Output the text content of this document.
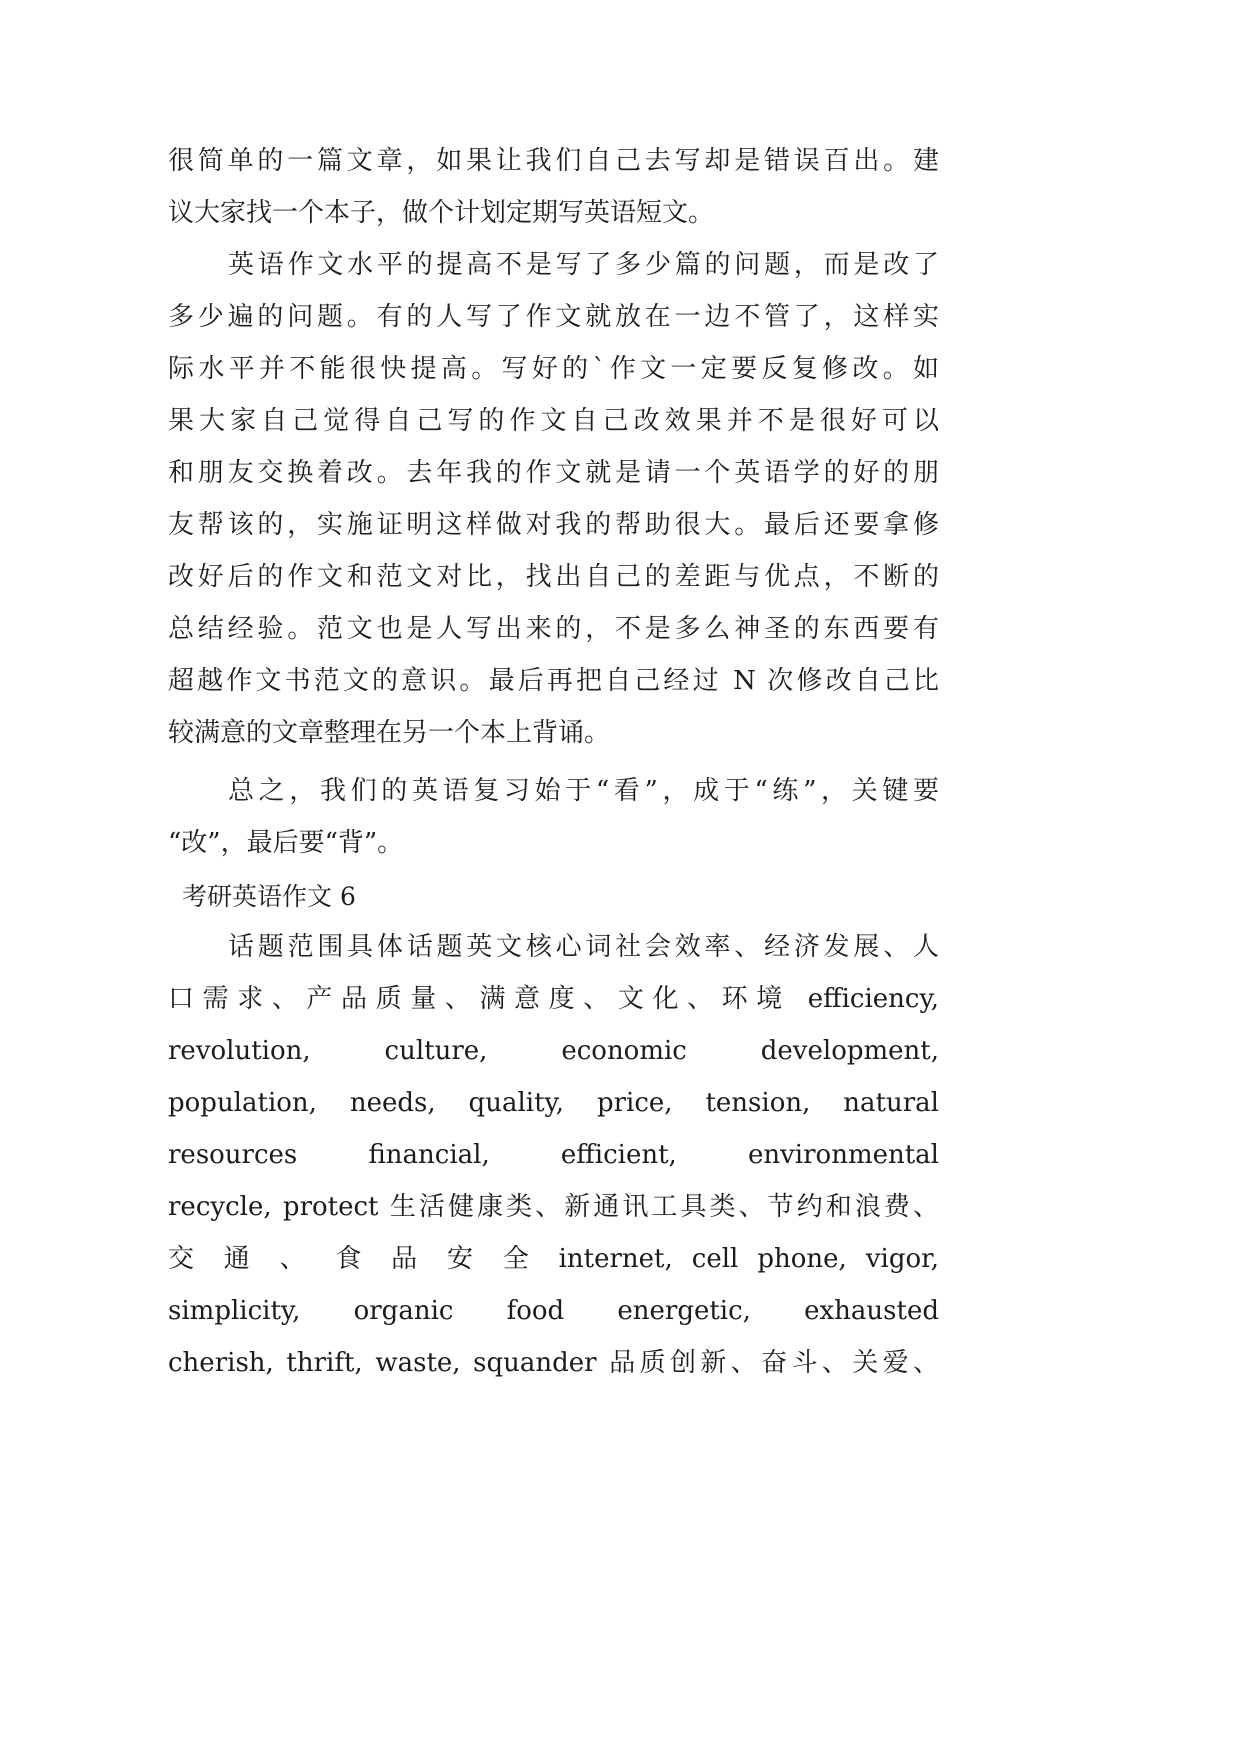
很简单的一篇文章，如果让我们自己去写却是错误百出。建
议大家找一个本子，做个计划定期写英语短文。
英语作文水平的提高不是写了多少篇的问题，而是改了
多少遍的问题。有的人写了作文就放在一边不管了，这样实
际水平并不能很快提高。写好的`作文一定要反复修改。如
果大家自己觉得自己写的作文自己改效果并不是很好可以
和朋友交换着改。去年我的作文就是请一个英语学的好的朋
友帮该的，实施证明这样做对我的帮助很大。最后还要拿修
改好后的作文和范文对比，找出自己的差距与优点，不断的
总结经验。范文也是人写出来的，不是多么神圣的东西要有
超越作文书范文的意识。最后再把自己经过 N 次修改自己比
较满意的文章整理在另一个本上背诵。
总之，我们的英语复习始于“看”，成于“练”，关键要
“改”，最后要“背”。
考研英语作文 6
话题范围具体话题英文核心词社会效率、经济发展、人
口需求、产品质量、满意度、文化、环境 efficiency,
revolution, culture, economic development,
population, needs, quality, price, tension, natural
resources financial, efficient, environmental
recycle, protect 生活健康类、新通讯工具类、节约和浪费、
交 通 、 食 品 安 全 internet, cell phone, vigor,
simplicity, organic food energetic, exhausted
cherish, thrift, waste, squander 品质创新、奋斗、关爱、
